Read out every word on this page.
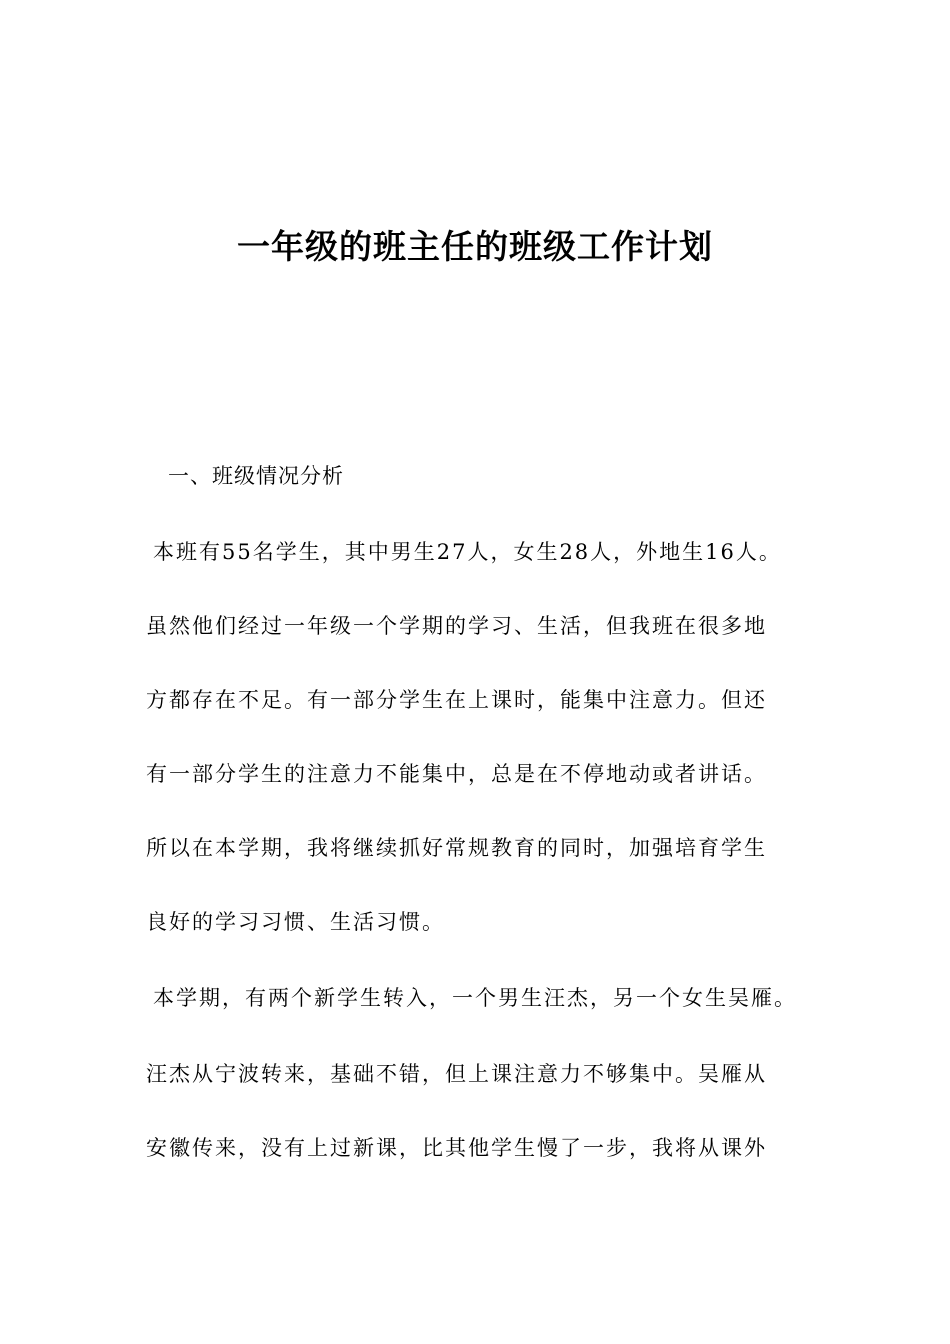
一年级的班主任的班级工作计划
一、班级情况分析
本班有55名学生，其中男生27人，女生28人，外地生16人。
虽然他们经过一年级一个学期的学习、生活，但我班在很多地
方都存在不足。有一部分学生在上课时，能集中注意力。但还
有一部分学生的注意力不能集中，总是在不停地动或者讲话。
所以在本学期，我将继续抓好常规教育的同时，加强培育学生
良好的学习习惯、生活习惯。
本学期，有两个新学生转入，一个男生汪杰，另一个女生吴雁。
汪杰从宁波转来，基础不错，但上课注意力不够集中。吴雁从
安徽传来，没有上过新课，比其他学生慢了一步，我将从课外
